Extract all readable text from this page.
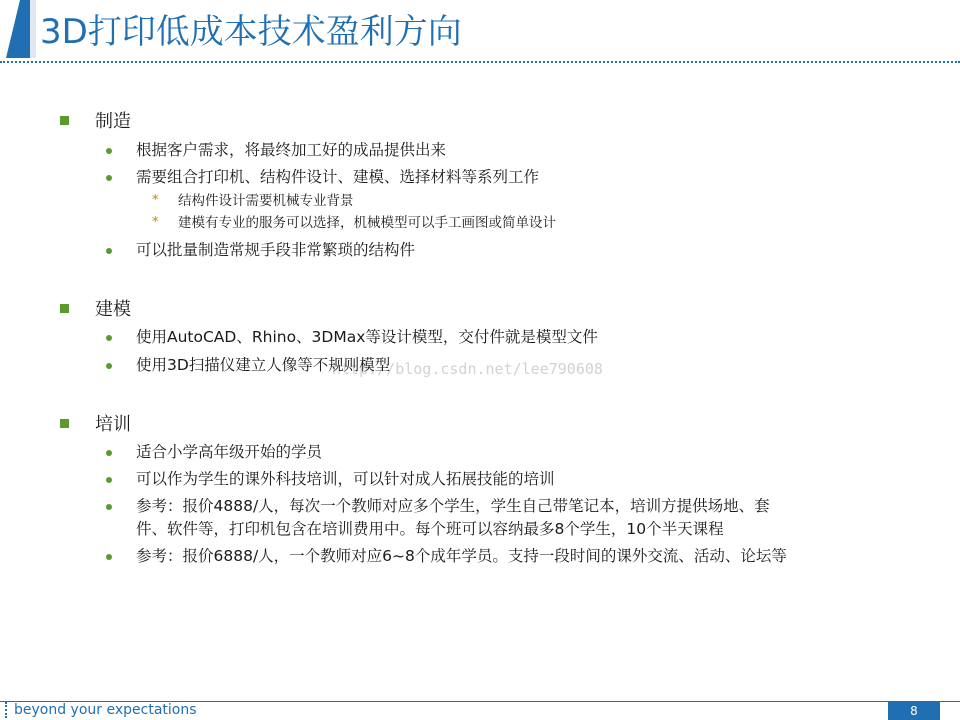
3D打印低成本技术盈利方向
http://blog.csdn.net/lee790608
制造
根据客户需求，将最终加工好的成品提供出来
需要组合打印机、结构件设计、建模、选择材料等系列工作
* 结构件设计需要机械专业背景
* 建模有专业的服务可以选择，机械模型可以手工画图或简单设计
可以批量制造常规手段非常繁琐的结构件
建模
使用AutoCAD、Rhino、3DMax等设计模型，交付件就是模型文件
使用3D扫描仪建立人像等不规则模型
培训
适合小学高年级开始的学员
可以作为学生的课外科技培训，可以针对成人拓展技能的培训
参考：报价4888/人，每次一个教师对应多个学生，学生自己带笔记本，培训方提供场地、套
件、软件等，打印机包含在培训费用中。每个班可以容纳最多8个学生，10个半天课程
参考：报价6888/人，一个教师对应6~8个成年学员。支持一段时间的课外交流、活动、论坛等
beyond your expectations	8
